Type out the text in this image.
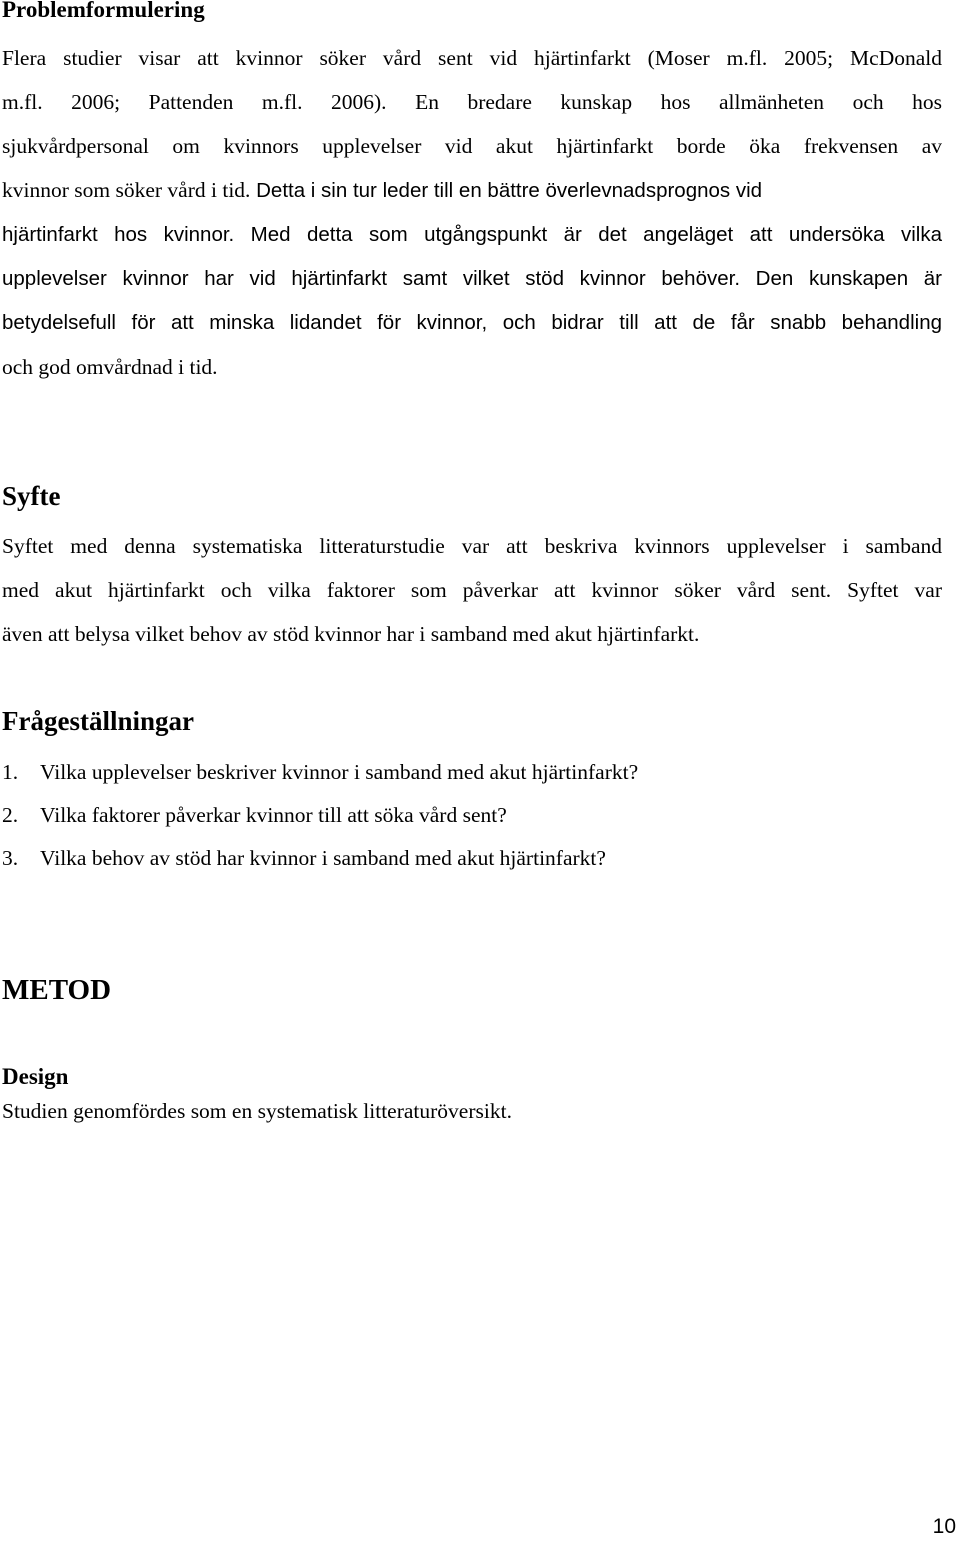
Problemformulering
Flera studier visar att kvinnor söker vård sent vid hjärtinfarkt (Moser m.fl. 2005; McDonald
m.fl. 2006; Pattenden m.fl. 2006). En bredare kunskap hos allmänheten och hos
sjukvårdpersonal om kvinnors upplevelser vid akut hjärtinfarkt borde öka frekvensen av
kvinnor som söker vård i tid. Detta i sin tur leder till en bättre överlevnadsprognos vid
hjärtinfarkt hos kvinnor. Med detta som utgångspunkt är det angeläget att undersöka vilka
upplevelser kvinnor har vid hjärtinfarkt samt vilket stöd kvinnor behöver. Den kunskapen är
betydelsefull för att minska lidandet för kvinnor, och bidrar till att de får snabb behandling
och god omvårdnad i tid.
Syfte
Syftet med denna systematiska litteraturstudie var att beskriva kvinnors upplevelser i samband
med akut hjärtinfarkt och vilka faktorer som påverkar att kvinnor söker vård sent. Syftet var
även att belysa vilket behov av stöd kvinnor har i samband med akut hjärtinfarkt.
Frågeställningar
1. Vilka upplevelser beskriver kvinnor i samband med akut hjärtinfarkt?
2. Vilka faktorer påverkar kvinnor till att söka vård sent?
3. Vilka behov av stöd har kvinnor i samband med akut hjärtinfarkt?
METOD
Design
Studien genomfördes som en systematisk litteraturöversikt.
10
